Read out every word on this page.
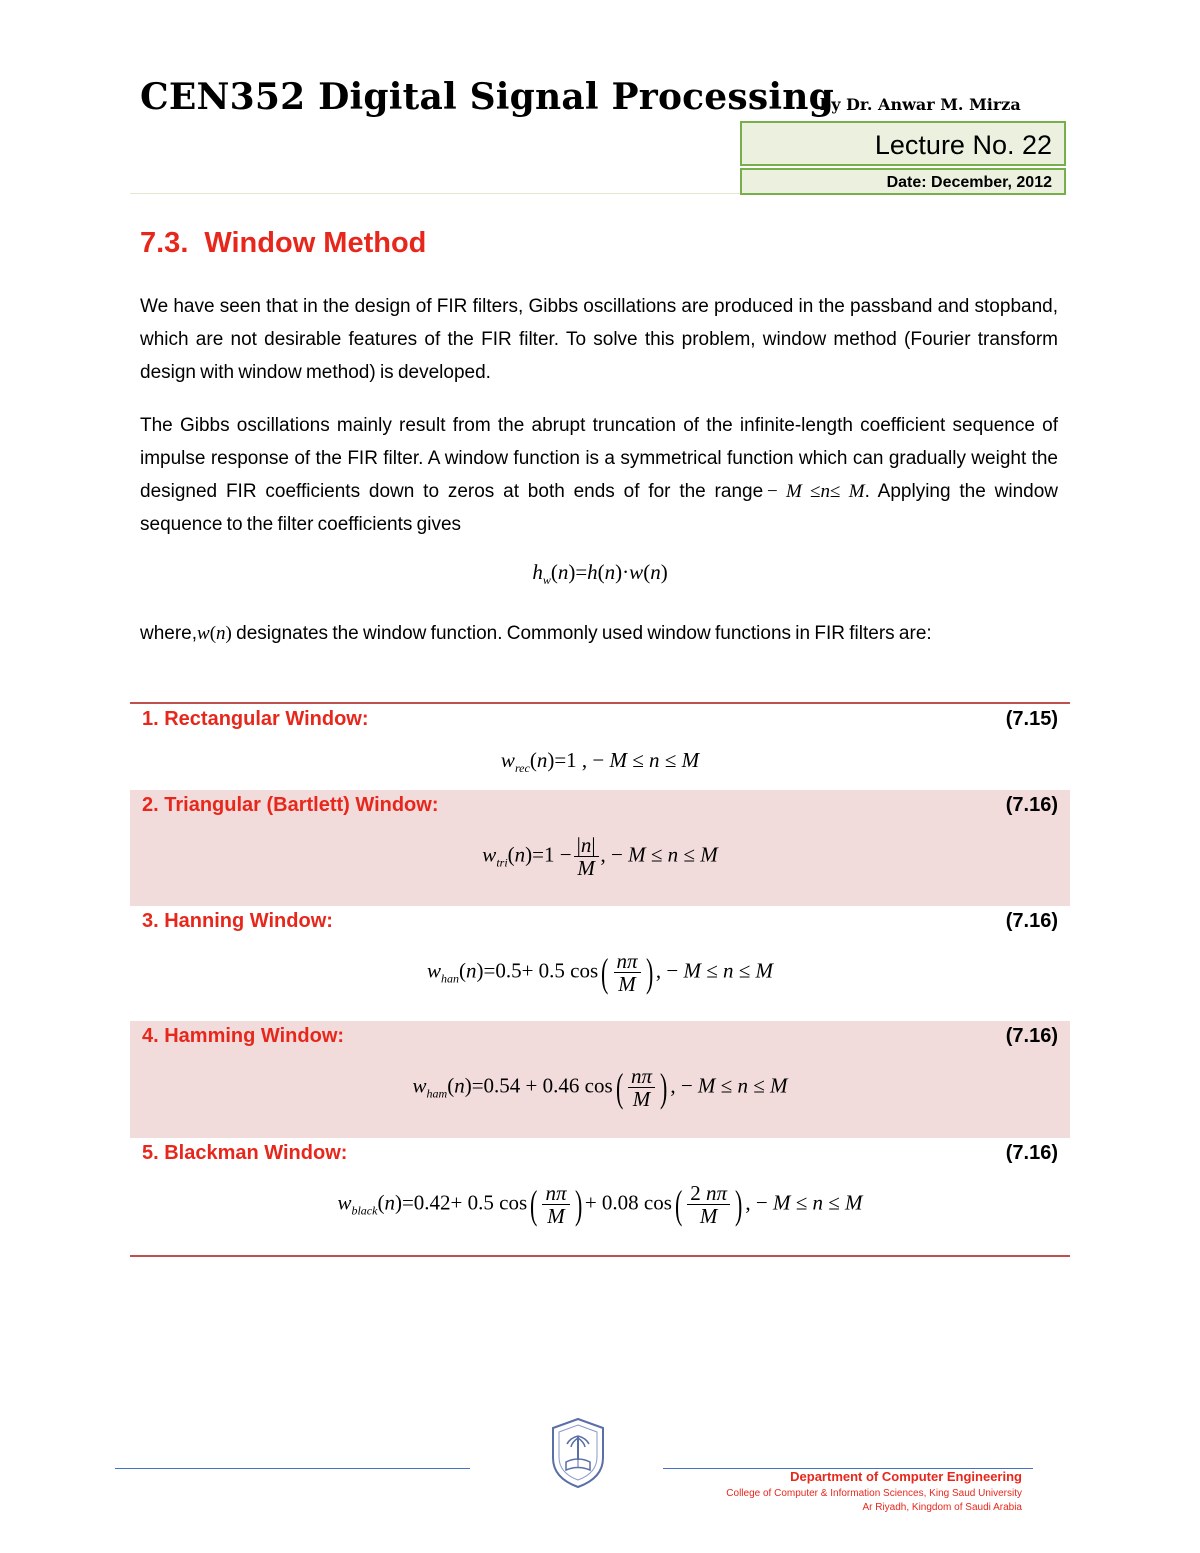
CEN352 Digital Signal Processing
by Dr. Anwar M. Mirza
Lecture No. 22
Date: December, 2012
7.3. Window Method
We have seen that in the design of FIR filters, Gibbs oscillations are produced in the passband and stopband, which are not desirable features of the FIR filter. To solve this problem, window method (Fourier transform design with window method) is developed.
The Gibbs oscillations mainly result from the abrupt truncation of the infinite-length coefficient sequence of impulse response of the FIR filter. A window function is a symmetrical function which can gradually weight the designed FIR coefficients down to zeros at both ends of for the range − M ≤n≤ M. Applying the window sequence to the filter coefficients gives
$h_w(n)=h(n)\cdot w(n)$
where,w(n) designates the window function. Commonly used window functions in FIR filters are:
1. Rectangular Window:	(7.15)
$w_{rec}(n)=1$ , − M ≤ n ≤ M
2. Triangular (Bartlett) Window:	(7.16)
$w_{tri}(n)=1 - \frac{|n|}{M}$ , − M ≤ n ≤ M
3. Hanning Window:	(7.16)
$w_{han}(n)=0.5+ 0.5$ $\cos( \frac{n\pi}{M}$ ) , − M ≤ n ≤ M
4. Hamming Window:	(7.16)
$w_{ham}(n)=0.54 + 0.46$ $\cos( \frac{n\pi}{M}$ ) , − M ≤ n ≤ M
5. Blackman Window:	(7.16)
$w_{black}(n)=0.42+ 0.5$ $\cos( \frac{n\pi}{M}$ ) + 0.08 $\cos( \frac{2 n\pi}{M}$ ) , − M ≤ n ≤ M
Department of Computer Engineering
College of Computer & Information Sciences, King Saud University
Ar Riyadh, Kingdom of Saudi Arabia
